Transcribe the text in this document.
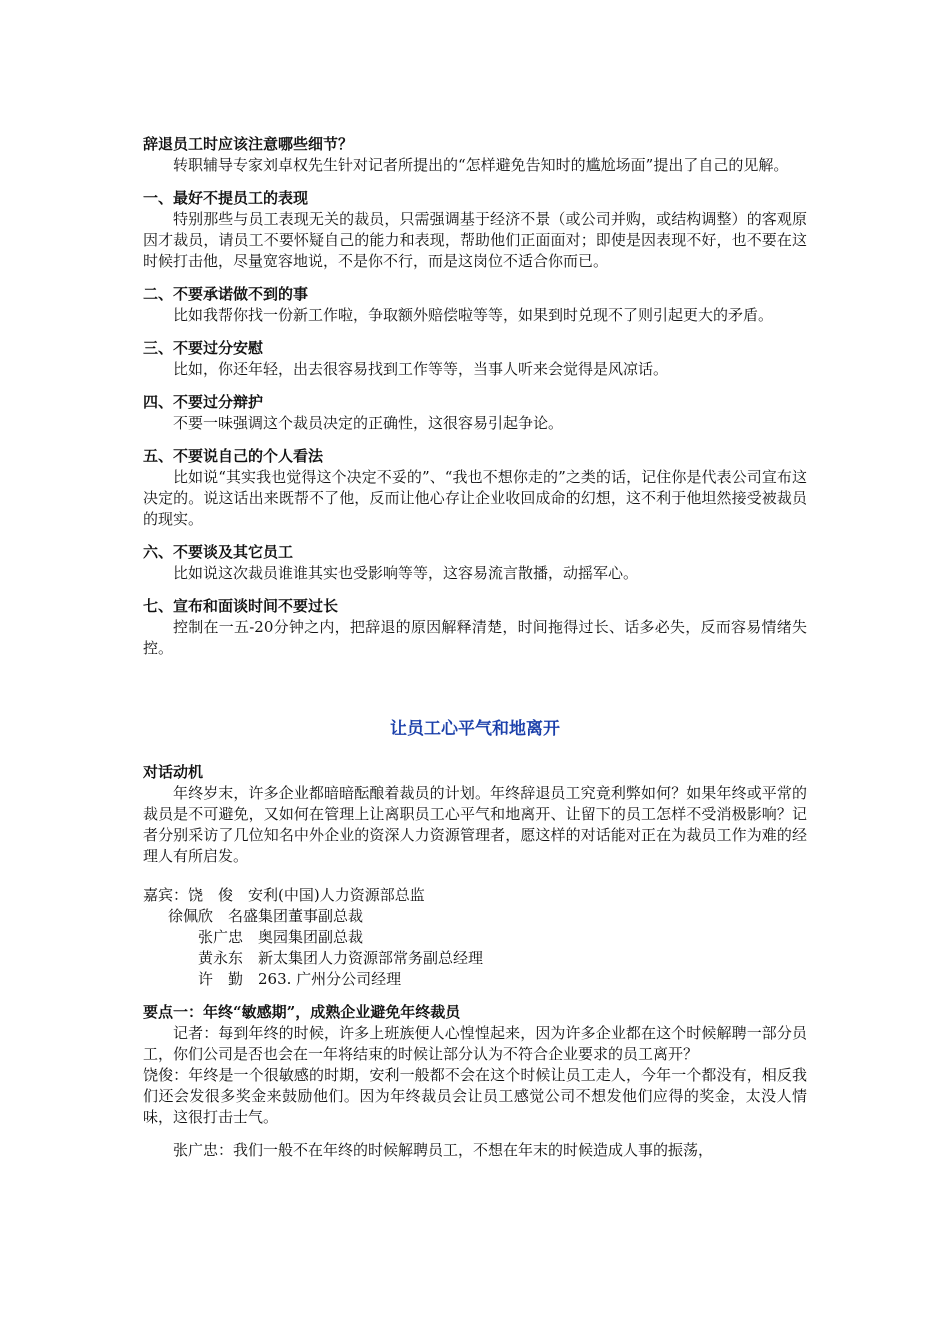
辞退员工时应该注意哪些细节？

转职辅导专家刘卓权先生针对记者所提出的“怎样避免告知时的尴尬场面”提出了自己的见解。

一、最好不提员工的表现

特别那些与员工表现无关的裁员，只需强调基于经济不景（或公司并购，或结构调整）的客观原因才裁员，请员工不要怀疑自己的能力和表现，帮助他们正面面对；即使是因表现不好，也不要在这时候打击他，尽量宽容地说，不是你不行，而是这岗位不适合你而已。

二、不要承诺做不到的事

比如我帮你找一份新工作啦，争取额外赔偿啦等等，如果到时兑现不了则引起更大的矛盾。

三、不要过分安慰

比如，你还年轻，出去很容易找到工作等等，当事人听来会觉得是风凉话。

四、不要过分辩护

不要一味强调这个裁员决定的正确性，这很容易引起争论。

五、不要说自己的个人看法

比如说“其实我也觉得这个决定不妥的”、“我也不想你走的”之类的话，记住你是代表公司宣布这决定的。说这话出来既帮不了他，反而让他心存让企业收回成命的幻想，这不利于他坦然接受被裁员的现实。

六、不要谈及其它员工

比如说这次裁员谁谁其实也受影响等等，这容易流言散播，动摇军心。

七、宣布和面谈时间不要过长

控制在一五-20分钟之内，把辞退的原因解释清楚，时间拖得过长、话多必失，反而容易情绪失控。

让员工心平气和地离开

对话动机

年终岁末，许多企业都暗暗酝酿着裁员的计划。年终辞退员工究竟利弊如何？如果年终或平常的裁员是不可避免，又如何在管理上让离职员工心平气和地离开、让留下的员工怎样不受消极影响？记者分别采访了几位知名中外企业的资深人力资源管理者，愿这样的对话能对正在为裁员工作为难的经理人有所启发。

嘉宾：饶　俊　安利(中国)人力资源部总监

徐佩欣　名盛集团董事副总裁

张广忠　奥园集团副总裁

黄永东　新太集团人力资源部常务副总经理

许　勤　263. 广州分公司经理

要点一：年终“敏感期”，成熟企业避免年终裁员

记者：每到年终的时候，许多上班族便人心惶惶起来，因为许多企业都在这个时候解聘一部分员工，你们公司是否也会在一年将结束的时候让部分认为不符合企业要求的员工离开？

饶俊：年终是一个很敏感的时期，安利一般都不会在这个时候让员工走人，今年一个都没有，相反我们还会发很多奖金来鼓励他们。因为年终裁员会让员工感觉公司不想发他们应得的奖金，太没人情味，这很打击士气。

张广忠：我们一般不在年终的时候解聘员工，不想在年末的时候造成人事的振荡，
